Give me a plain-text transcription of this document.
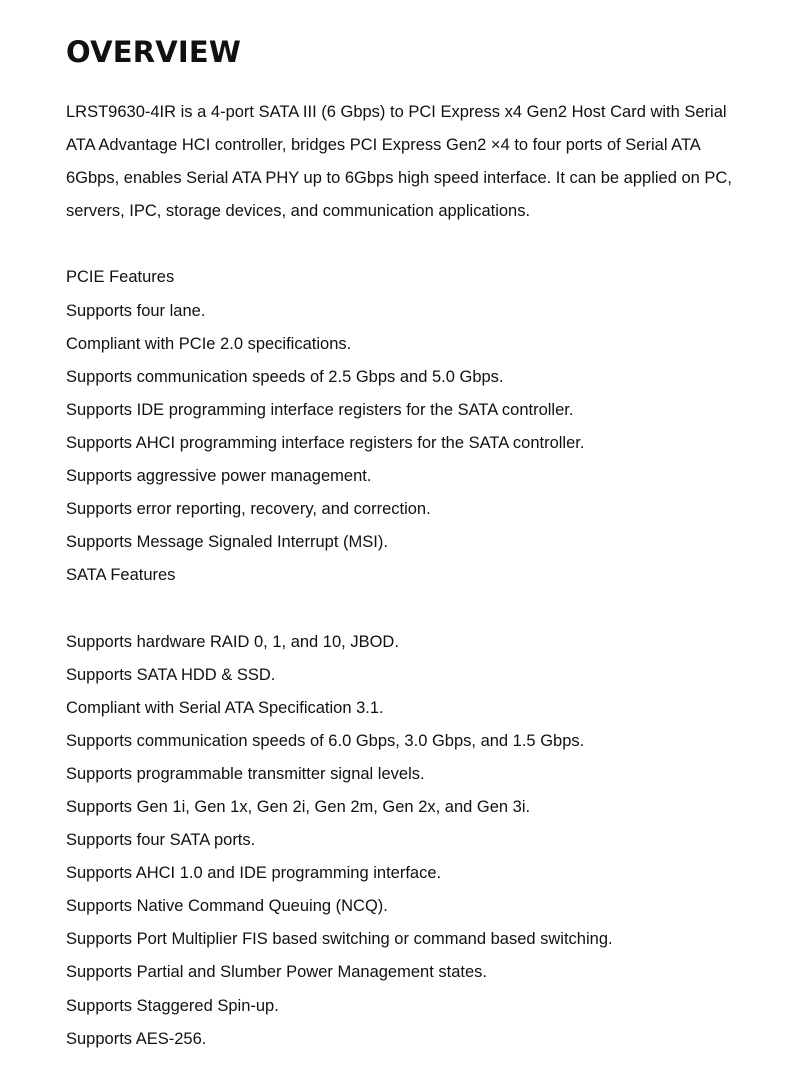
OVERVIEW

LRST9630-4IR is a 4-port SATA III (6 Gbps) to PCI Express x4 Gen2 Host Card with Serial ATA Advantage HCI controller, bridges PCI Express Gen2 ×4 to four ports of Serial ATA 6Gbps, enables Serial ATA PHY up to 6Gbps high speed interface. It can be applied on PC, servers, IPC, storage devices, and communication applications.

PCIE Features
Supports four lane.
Compliant with PCIe 2.0 specifications.
Supports communication speeds of 2.5 Gbps and 5.0 Gbps.
Supports IDE programming interface registers for the SATA controller.
Supports AHCI programming interface registers for the SATA controller.
Supports aggressive power management.
Supports error reporting, recovery, and correction.
Supports Message Signaled Interrupt (MSI).
SATA Features
Supports hardware RAID 0, 1, and 10, JBOD.
Supports SATA HDD & SSD.
Compliant with Serial ATA Specification 3.1.
Supports communication speeds of 6.0 Gbps, 3.0 Gbps, and 1.5 Gbps.
Supports programmable transmitter signal levels.
Supports Gen 1i, Gen 1x, Gen 2i, Gen 2m, Gen 2x, and Gen 3i.
Supports four SATA ports.
Supports AHCI 1.0 and IDE programming interface.
Supports Native Command Queuing (NCQ).
Supports Port Multiplier FIS based switching or command based switching.
Supports Partial and Slumber Power Management states.
Supports Staggered Spin-up.
Supports AES-256.
